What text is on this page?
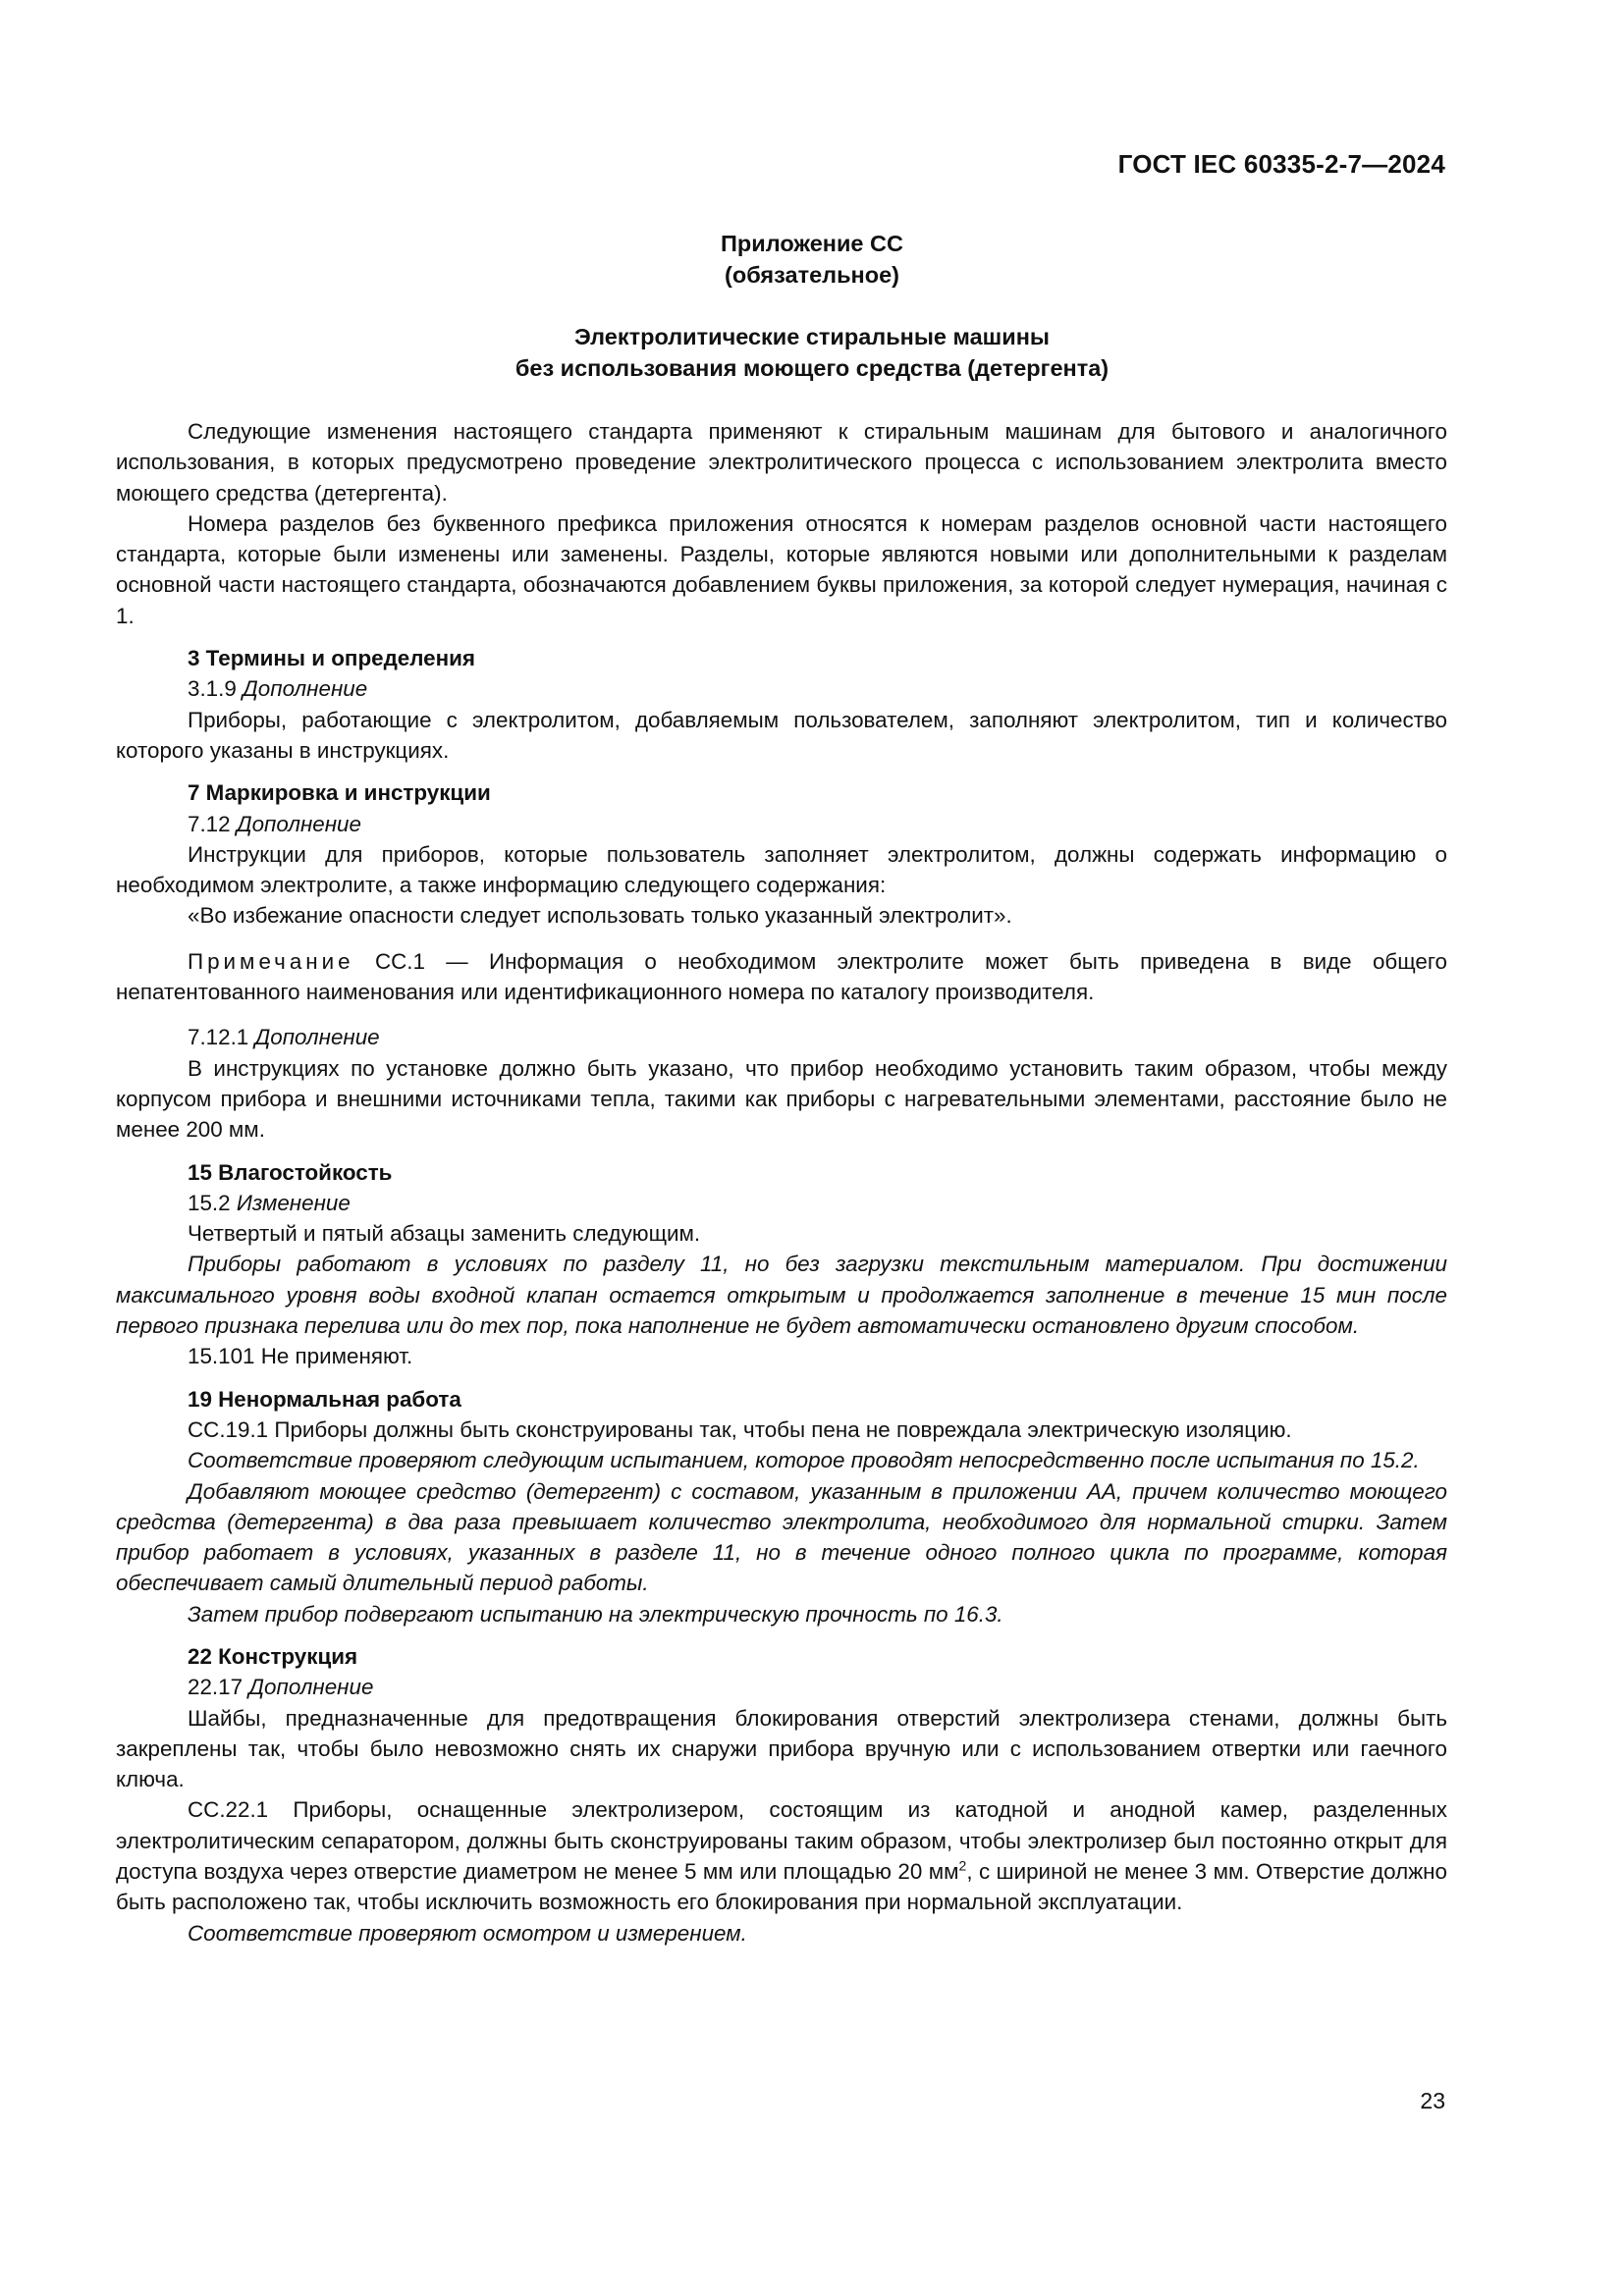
ГОСТ IEC 60335-2-7—2024
Приложение СС
(обязательное)
Электролитические стиральные машины
без использования моющего средства (детергента)

Следующие изменения настоящего стандарта применяют к стиральным машинам для бытового и аналогичного использования, в которых предусмотрено проведение электролитического процесса с использованием электролита вместо моющего средства (детергента).

Номера разделов без буквенного префикса приложения относятся к номерам разделов основной части настоящего стандарта, которые были изменены или заменены. Разделы, которые являются новыми или дополнительными к разделам основной части настоящего стандарта, обозначаются добавлением буквы приложения, за которой следует нумерация, начиная с 1.

3 Термины и определения

3.1.9 Дополнение

Приборы, работающие с электролитом, добавляемым пользователем, заполняют электролитом, тип и количество которого указаны в инструкциях.

7 Маркировка и инструкции

7.12 Дополнение

Инструкции для приборов, которые пользователь заполняет электролитом, должны содержать информацию о необходимом электролите, а также информацию следующего содержания:

«Во избежание опасности следует использовать только указанный электролит».

Примечание СС.1 — Информация о необходимом электролите может быть приведена в виде общего непатентованного наименования или идентификационного номера по каталогу производителя.

7.12.1 Дополнение

В инструкциях по установке должно быть указано, что прибор необходимо установить таким образом, чтобы между корпусом прибора и внешними источниками тепла, такими как приборы с нагревательными элементами, расстояние было не менее 200 мм.

15 Влагостойкость

15.2 Изменение

Четвертый и пятый абзацы заменить следующим.

Приборы работают в условиях по разделу 11, но без загрузки текстильным материалом. При достижении максимального уровня воды входной клапан остается открытым и продолжается заполнение в течение 15 мин после первого признака перелива или до тех пор, пока наполнение не будет автоматически остановлено другим способом.

15.101 Не применяют.

19 Ненормальная работа

СС.19.1 Приборы должны быть сконструированы так, чтобы пена не повреждала электрическую изоляцию.

Соответствие проверяют следующим испытанием, которое проводят непосредственно после испытания по 15.2.

Добавляют моющее средство (детергент) с составом, указанным в приложении АА, причем количество моющего средства (детергента) в два раза превышает количество электролита, необходимого для нормальной стирки. Затем прибор работает в условиях, указанных в разделе 11, но в течение одного полного цикла по программе, которая обеспечивает самый длительный период работы.

Затем прибор подвергают испытанию на электрическую прочность по 16.3.

22 Конструкция

22.17 Дополнение

Шайбы, предназначенные для предотвращения блокирования отверстий электролизера стенами, должны быть закреплены так, чтобы было невозможно снять их снаружи прибора вручную или с использованием отвертки или гаечного ключа.

СС.22.1 Приборы, оснащенные электролизером, состоящим из катодной и анодной камер, разделенных электролитическим сепаратором, должны быть сконструированы таким образом, чтобы электролизер был постоянно открыт для доступа воздуха через отверстие диаметром не менее 5 мм или площадью 20 $мм^2$, с шириной не менее 3 мм. Отверстие должно быть расположено так, чтобы исключить возможность его блокирования при нормальной эксплуатации.

Соответствие проверяют осмотром и измерением.

23
